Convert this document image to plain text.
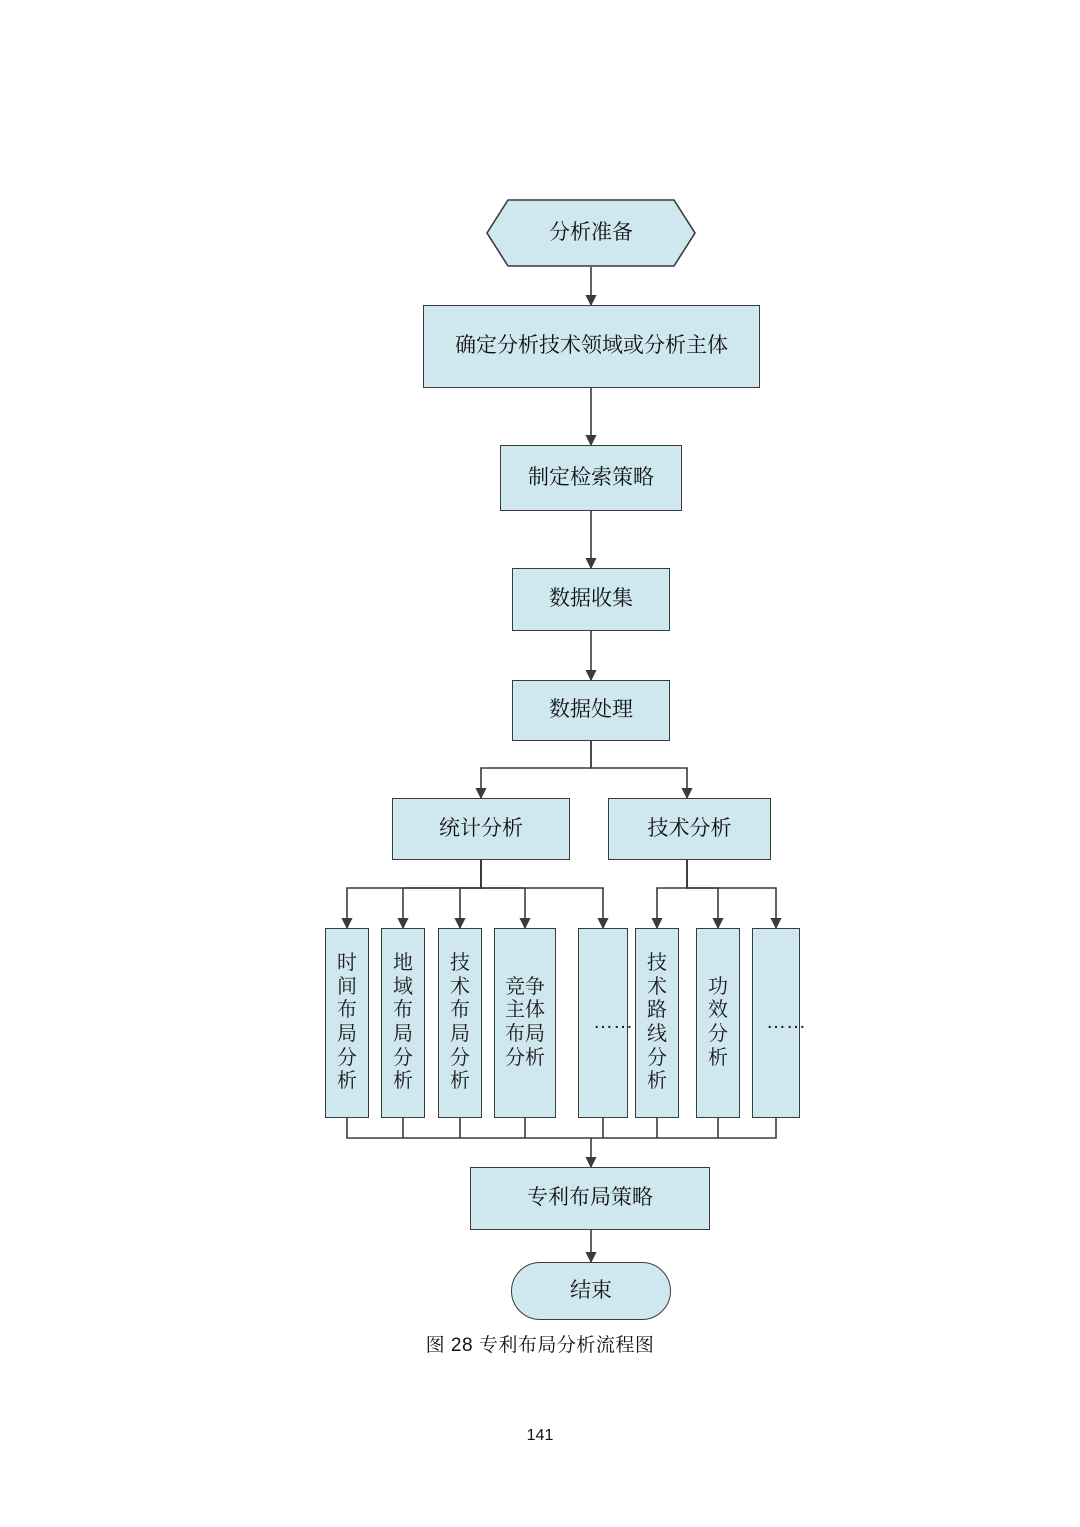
分析准备
确定分析技术领域或分析主体
制定检索策略
数据收集
数据处理
统计分析	技术分析
时间布局分析
地域布局分析
技术布局分析
竞争主体布局分析
……
技术路线分析
功效分析
……
专利布局策略
结束
图 28 专利布局分析流程图
141
